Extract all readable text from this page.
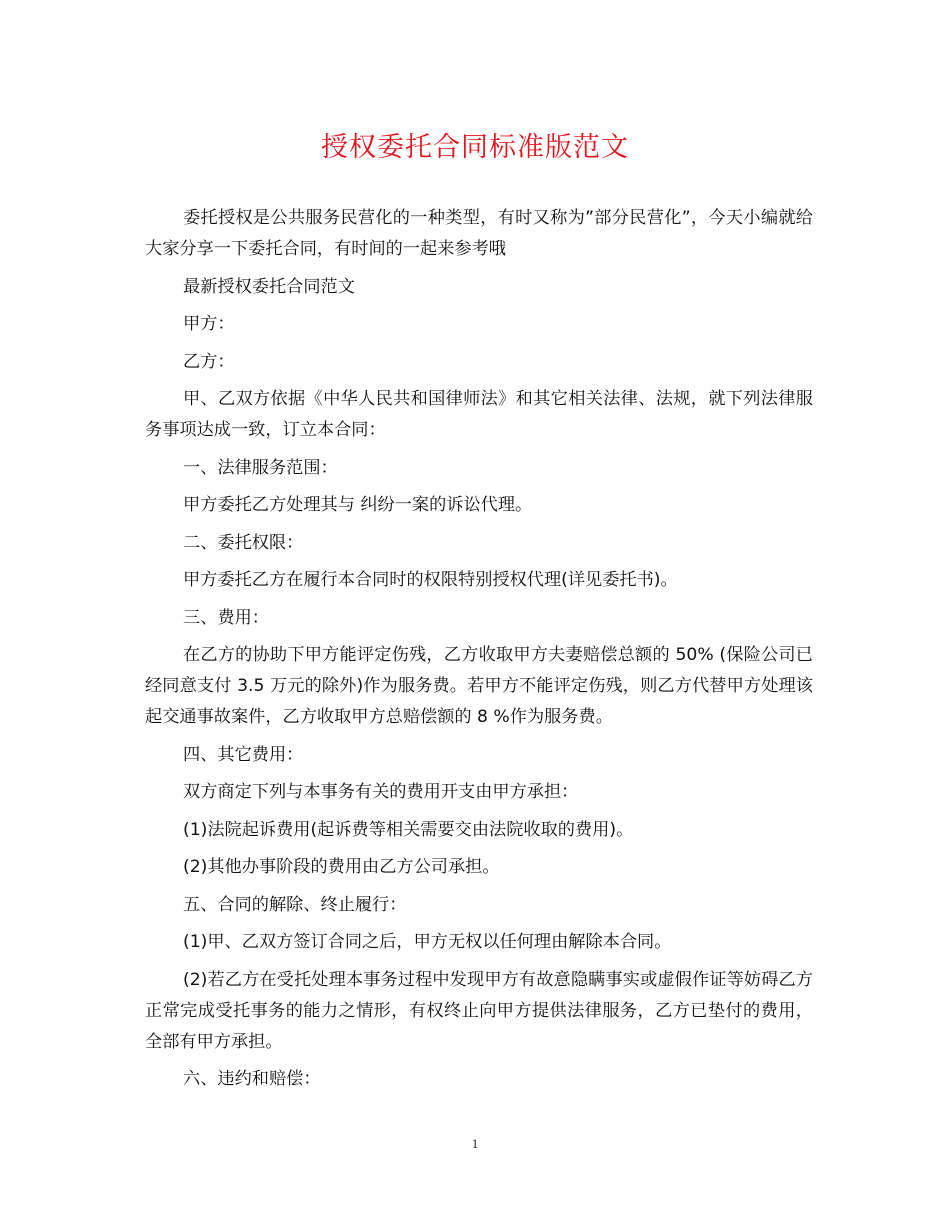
授权委托合同标准版范文

委托授权是公共服务民营化的一种类型，有时又称为”部分民营化”，今天小编就给大家分享一下委托合同，有时间的一起来参考哦

最新授权委托合同范文

甲方：

乙方：

甲、乙双方依据《中华人民共和国律师法》和其它相关法律、法规，就下列法律服务事项达成一致，订立本合同：

一、法律服务范围：

甲方委托乙方处理其与 纠纷一案的诉讼代理。

二、委托权限：

甲方委托乙方在履行本合同时的权限特别授权代理(详见委托书)。

三、费用：

在乙方的协助下甲方能评定伤残，乙方收取甲方夫妻赔偿总额的 50% (保险公司已经同意支付 3.5 万元的除外)作为服务费。若甲方不能评定伤残，则乙方代替甲方处理该起交通事故案件，乙方收取甲方总赔偿额的 8 %作为服务费。

四、其它费用：

双方商定下列与本事务有关的费用开支由甲方承担：

(1)法院起诉费用(起诉费等相关需要交由法院收取的费用)。

(2)其他办事阶段的费用由乙方公司承担。

五、合同的解除、终止履行：

(1)甲、乙双方签订合同之后，甲方无权以任何理由解除本合同。

(2)若乙方在受托处理本事务过程中发现甲方有故意隐瞒事实或虚假作证等妨碍乙方正常完成受托事务的能力之情形，有权终止向甲方提供法律服务，乙方已垫付的费用，全部有甲方承担。

六、违约和赔偿：

1
